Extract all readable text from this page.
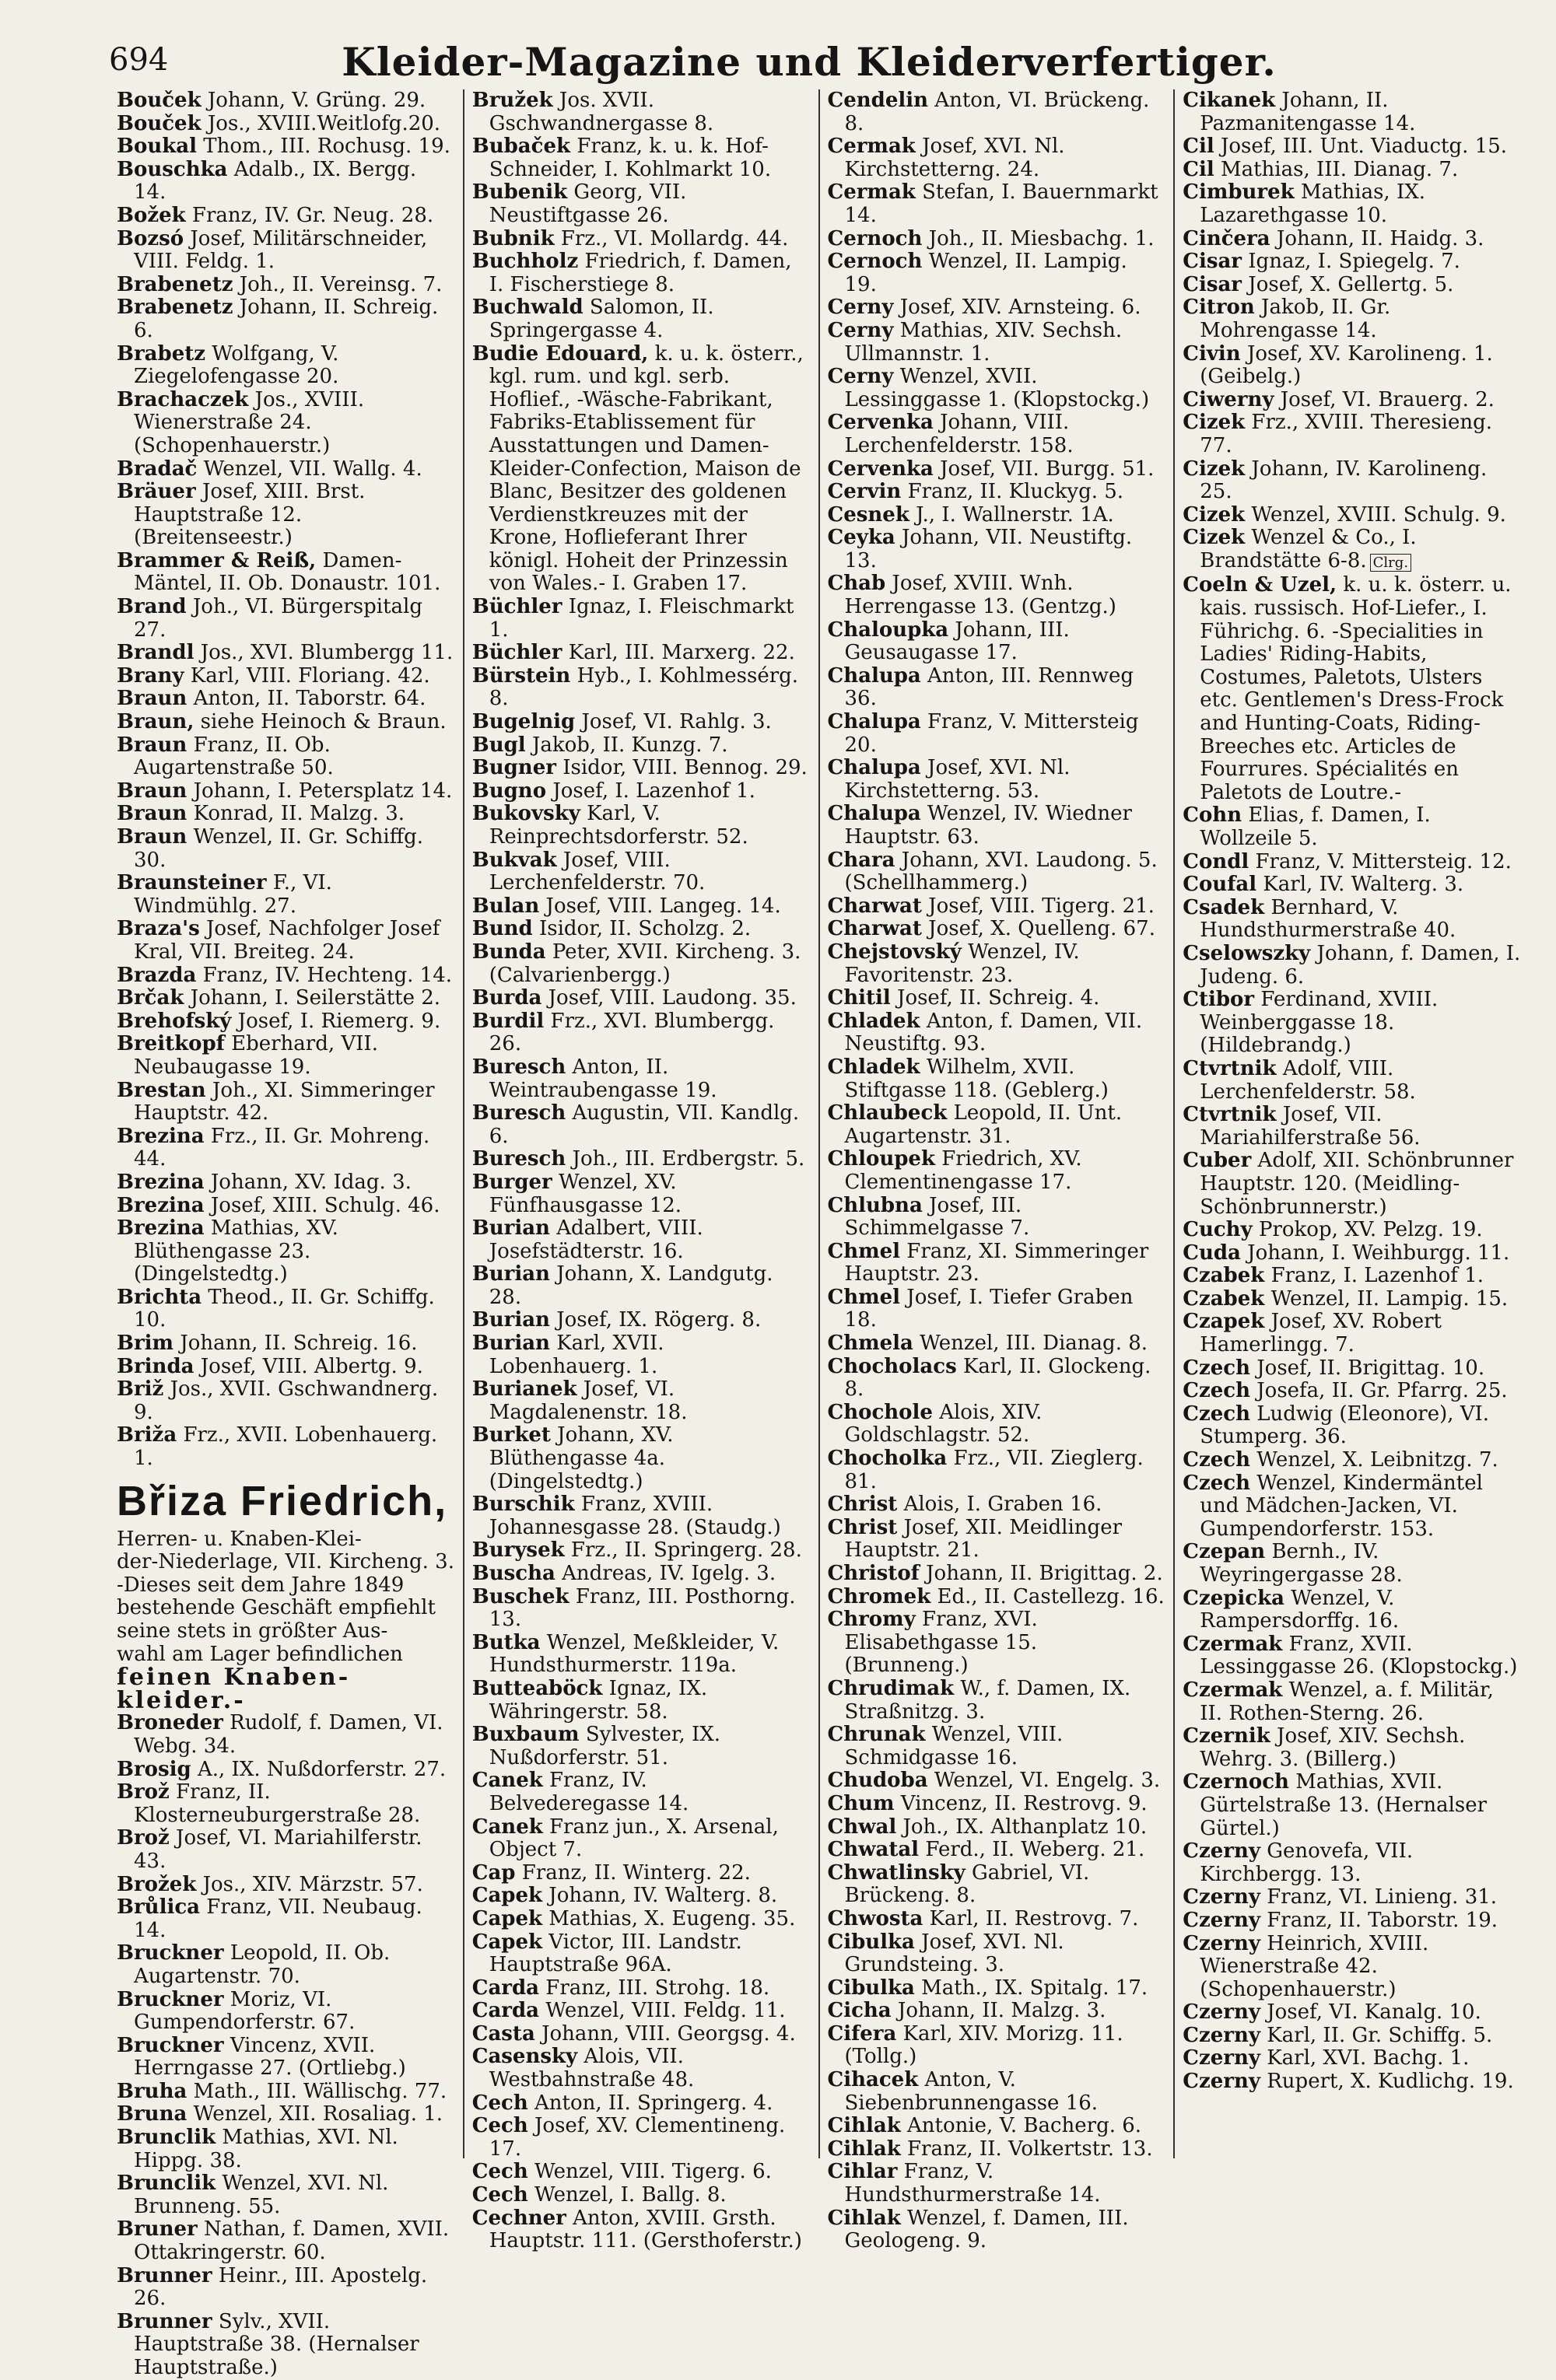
694	Kleider-Magazine und Kleiderverfertiger.

Bouček Johann, V. Grüng. 29.

Bouček Jos., XVIII.Weitlofg.20.

Boukal Thom., III. Rochusg. 19.

Bouschka Adalb., IX. Bergg. 14.

Božek Franz, IV. Gr. Neug. 28.

Bozsó Josef, Militärschneider, VIII. Feldg. 1.

Brabenetz Joh., II. Vereinsg. 7.

Brabenetz Johann, II. Schreig. 6.

Brabetz Wolfgang, V. Ziegelofengasse 20.

Brachaczek Jos., XVIII. Wienerstraße 24. (Schopenhauerstr.)

Bradač Wenzel, VII. Wallg. 4.

Bräuer Josef, XIII. Brst. Hauptstraße 12. (Breitenseestr.)

Brammer & Reiß, Damen-Mäntel, II. Ob. Donaustr. 101.

Brand Joh., VI. Bürgerspitalg 27.

Brandl Jos., XVI. Blumbergg 11.

Brany Karl, VIII. Floriang. 42.

Braun Anton, II. Taborstr. 64.

Braun, siehe Heinoch & Braun.

Braun Franz, II. Ob. Augartenstraße 50.

Braun Johann, I. Petersplatz 14.

Braun Konrad, II. Malzg. 3.

Braun Wenzel, II. Gr. Schiffg. 30.

Braunsteiner F., VI. Windmühlg. 27.

Braza's Josef, Nachfolger Josef Kral, VII. Breiteg. 24.

Brazda Franz, IV. Hechteng. 14.

Brčak Johann, I. Seilerstätte 2.

Brehofský Josef, I. Riemerg. 9.

Breitkopf Eberhard, VII. Neubaugasse 19.

Brestan Joh., XI. Simmeringer Hauptstr. 42.

Brezina Frz., II. Gr. Mohreng. 44.

Brezina Johann, XV. Idag. 3.

Brezina Josef, XIII. Schulg. 46.

Brezina Mathias, XV. Blüthengasse 23. (Dingelstedtg.)

Brichta Theod., II. Gr. Schiffg. 10.

Brim Johann, II. Schreig. 16.

Brinda Josef, VIII. Albertg. 9.

Briž Jos., XVII. Gschwandnerg. 9.

Briža Frz., XVII. Lobenhauerg. 1.

Břiza Friedrich,

Herren- u. Knaben-Klei-
der-Niederlage, VII. Kircheng. 3.
-Dieses seit dem Jahre 1849
bestehende Geschäft empfiehlt
seine stets in größter Aus-
wahl am Lager befindlichen
feinen Knaben-
kleider.-

Broneder Rudolf, f. Damen, VI. Webg. 34.

Brosig A., IX. Nußdorferstr. 27.

Brož Franz, II. Klosterneuburgerstraße 28.

Brož Josef, VI. Mariahilferstr. 43.

Brožek Jos., XIV. Märzstr. 57.

Brůlica Franz, VII. Neubaug. 14.

Bruckner Leopold, II. Ob. Augartenstr. 70.

Bruckner Moriz, VI. Gumpendorferstr. 67.

Bruckner Vincenz, XVII. Herrngasse 27. (Ortliebg.)

Bruha Math., III. Wällischg. 77.

Bruna Wenzel, XII. Rosaliag. 1.

Brunclik Mathias, XVI. Nl. Hippg. 38.

Brunclik Wenzel, XVI. Nl. Brunneng. 55.

Bruner Nathan, f. Damen, XVII. Ottakringerstr. 60.

Brunner Heinr., III. Apostelg. 26.

Brunner Sylv., XVII. Hauptstraße 38. (Hernalser Hauptstraße.)

Bružek Jos. XVII. Gschwandnergasse 8.

Bubaček Franz, k. u. k. Hof-Schneider, I. Kohlmarkt 10.

Bubenik Georg, VII. Neustiftgasse 26.

Bubnik Frz., VI. Mollardg. 44.

Buchholz Friedrich, f. Damen, I. Fischerstiege 8.

Buchwald Salomon, II. Springergasse 4.

Budie Edouard, k. u. k. österr., kgl. rum. und kgl. serb. Hoflief., -Wäsche-Fabrikant, Fabriks-Etablissement für Ausstattungen und Damen-Kleider-Confection, Maison de Blanc, Besitzer des goldenen Verdienstkreuzes mit der Krone, Hoflieferant Ihrer königl. Hoheit der Prinzessin von Wales.- I. Graben 17.

Büchler Ignaz, I. Fleischmarkt 1.

Büchler Karl, III. Marxerg. 22.

Bürstein Hyb., I. Kohlmessérg. 8.

Bugelnig Josef, VI. Rahlg. 3.

Bugl Jakob, II. Kunzg. 7.

Bugner Isidor, VIII. Bennog. 29.

Bugno Josef, I. Lazenhof 1.

Bukovsky Karl, V. Reinprechtsdorferstr. 52.

Bukvak Josef, VIII. Lerchenfelderstr. 70.

Bulan Josef, VIII. Langeg. 14.

Bund Isidor, II. Scholzg. 2.

Bunda Peter, XVII. Kircheng. 3. (Calvarienbergg.)

Burda Josef, VIII. Laudong. 35.

Burdil Frz., XVI. Blumbergg. 26.

Buresch Anton, II. Weintraubengasse 19.

Buresch Augustin, VII. Kandlg. 6.

Buresch Joh., III. Erdbergstr. 5.

Burger Wenzel, XV. Fünfhausgasse 12.

Burian Adalbert, VIII. Josefstädterstr. 16.

Burian Johann, X. Landgutg. 28.

Burian Josef, IX. Rögerg. 8.

Burian Karl, XVII. Lobenhauerg. 1.

Burianek Josef, VI. Magdalenenstr. 18.

Burket Johann, XV. Blüthengasse 4a. (Dingelstedtg.)

Burschik Franz, XVIII. Johannesgasse 28. (Staudg.)

Burysek Frz., II. Springerg. 28.

Buscha Andreas, IV. Igelg. 3.

Buschek Franz, III. Posthorng. 13.

Butka Wenzel, Meßkleider, V. Hundsthurmerstr. 119a.

Butteaböck Ignaz, IX. Währingerstr. 58.

Buxbaum Sylvester, IX. Nußdorferstr. 51.

Canek Franz, IV. Belvederegasse 14.

Canek Franz jun., X. Arsenal, Object 7.

Cap Franz, II. Winterg. 22.

Capek Johann, IV. Walterg. 8.

Capek Mathias, X. Eugeng. 35.

Capek Victor, III. Landstr. Hauptstraße 96A.

Carda Franz, III. Strohg. 18.

Carda Wenzel, VIII. Feldg. 11.

Casta Johann, VIII. Georgsg. 4.

Casensky Alois, VII. Westbahnstraße 48.

Cech Anton, II. Springerg. 4.

Cech Josef, XV. Clementineng. 17.

Cech Wenzel, VIII. Tigerg. 6.

Cech Wenzel, I. Ballg. 8.

Cechner Anton, XVIII. Grsth. Hauptstr. 111. (Gersthoferstr.)

Cendelin Anton, VI. Brückeng. 8.

Cermak Josef, XVI. Nl. Kirchstetterng. 24.

Cermak Stefan, I. Bauernmarkt 14.

Cernoch Joh., II. Miesbachg. 1.

Cernoch Wenzel, II. Lampig. 19.

Cerny Josef, XIV. Arnsteing. 6.

Cerny Mathias, XIV. Sechsh. Ullmannstr. 1.

Cerny Wenzel, XVII. Lessinggasse 1. (Klopstockg.)

Cervenka Johann, VIII. Lerchenfelderstr. 158.

Cervenka Josef, VII. Burgg. 51.

Cervin Franz, II. Kluckyg. 5.

Cesnek J., I. Wallnerstr. 1A.

Ceyka Johann, VII. Neustiftg. 13.

Chab Josef, XVIII. Wnh. Herrengasse 13. (Gentzg.)

Chaloupka Johann, III. Geusaugasse 17.

Chalupa Anton, III. Rennweg 36.

Chalupa Franz, V. Mittersteig 20.

Chalupa Josef, XVI. Nl. Kirchstetterng. 53.

Chalupa Wenzel, IV. Wiedner Hauptstr. 63.

Chara Johann, XVI. Laudong. 5. (Schellhammerg.)

Charwat Josef, VIII. Tigerg. 21.

Charwat Josef, X. Quelleng. 67.

Chejstovský Wenzel, IV. Favoritenstr. 23.

Chitil Josef, II. Schreig. 4.

Chladek Anton, f. Damen, VII. Neustiftg. 93.

Chladek Wilhelm, XVII. Stiftgasse 118. (Geblerg.)

Chlaubeck Leopold, II. Unt. Augartenstr. 31.

Chloupek Friedrich, XV. Clementinengasse 17.

Chlubna Josef, III. Schimmelgasse 7.

Chmel Franz, XI. Simmeringer Hauptstr. 23.

Chmel Josef, I. Tiefer Graben 18.

Chmela Wenzel, III. Dianag. 8.

Chocholacs Karl, II. Glockeng. 8.

Chochole Alois, XIV. Goldschlagstr. 52.

Chocholka Frz., VII. Zieglerg. 81.

Christ Alois, I. Graben 16.

Christ Josef, XII. Meidlinger Hauptstr. 21.

Christof Johann, II. Brigittag. 2.

Chromek Ed., II. Castellezg. 16.

Chromy Franz, XVI. Elisabethgasse 15. (Brunneng.)

Chrudimak W., f. Damen, IX. Straßnitzg. 3.

Chrunak Wenzel, VIII. Schmidgasse 16.

Chudoba Wenzel, VI. Engelg. 3.

Chum Vincenz, II. Restrovg. 9.

Chwal Joh., IX. Althanplatz 10.

Chwatal Ferd., II. Weberg. 21.

Chwatlinsky Gabriel, VI. Brückeng. 8.

Chwosta Karl, II. Restrovg. 7.

Cibulka Josef, XVI. Nl. Grundsteing. 3.

Cibulka Math., IX. Spitalg. 17.

Cicha Johann, II. Malzg. 3.

Cifera Karl, XIV. Morizg. 11. (Tollg.)

Cihacek Anton, V. Siebenbrunnengasse 16.

Cihlak Antonie, V. Bacherg. 6.

Cihlak Franz, II. Volkertstr. 13.

Cihlar Franz, V. Hundsthurmerstraße 14.

Cihlak Wenzel, f. Damen, III. Geologeng. 9.

Cikanek Johann, II. Pazmanitengasse 14.

Cil Josef, III. Unt. Viaductg. 15.

Cil Mathias, III. Dianag. 7.

Cimburek Mathias, IX. Lazarethgasse 10.

Cinčera Johann, II. Haidg. 3.

Cisar Ignaz, I. Spiegelg. 7.

Cisar Josef, X. Gellertg. 5.

Citron Jakob, II. Gr. Mohrengasse 14.

Civin Josef, XV. Karolineng. 1. (Geibelg.)

Ciwerny Josef, VI. Brauerg. 2.

Cizek Frz., XVIII. Theresieng. 77.

Cizek Johann, IV. Karolineng. 25.

Cizek Wenzel, XVIII. Schulg. 9.

Cizek Wenzel & Co., I. Brandstätte 6-8. Clrg.

Coeln & Uzel, k. u. k. österr. u. kais. russisch. Hof-Liefer., I. Führichg. 6. -Specialities in Ladies' Riding-Habits, Costumes, Paletots, Ulsters etc. Gentlemen's Dress-Frock and Hunting-Coats, Riding-Breeches etc. Articles de Fourrures. Spécialités en Paletots de Loutre.-

Cohn Elias, f. Damen, I. Wollzeile 5.

Condl Franz, V. Mittersteig. 12.

Coufal Karl, IV. Walterg. 3.

Csadek Bernhard, V. Hundsthurmerstraße 40.

Cselowszky Johann, f. Damen, I. Judeng. 6.

Ctibor Ferdinand, XVIII. Weinberggasse 18. (Hildebrandg.)

Ctvrtnik Adolf, VIII. Lerchenfelderstr. 58.

Ctvrtnik Josef, VII. Mariahilferstraße 56.

Cuber Adolf, XII. Schönbrunner Hauptstr. 120. (Meidling-Schönbrunnerstr.)

Cuchy Prokop, XV. Pelzg. 19.

Cuda Johann, I. Weihburgg. 11.

Czabek Franz, I. Lazenhof 1.

Czabek Wenzel, II. Lampig. 15.

Czapek Josef, XV. Robert Hamerlingg. 7.

Czech Josef, II. Brigittag. 10.

Czech Josefa, II. Gr. Pfarrg. 25.

Czech Ludwig (Eleonore), VI. Stumperg. 36.

Czech Wenzel, X. Leibnitzg. 7.

Czech Wenzel, Kindermäntel und Mädchen-Jacken, VI. Gumpendorferstr. 153.

Czepan Bernh., IV. Weyringergasse 28.

Czepicka Wenzel, V. Rampersdorffg. 16.

Czermak Franz, XVII. Lessinggasse 26. (Klopstockg.)

Czermak Wenzel, a. f. Militär, II. Rothen-Sterng. 26.

Czernik Josef, XIV. Sechsh. Wehrg. 3. (Billerg.)

Czernoch Mathias, XVII. Gürtelstraße 13. (Hernalser Gürtel.)

Czerny Genovefa, VII. Kirchbergg. 13.

Czerny Franz, VI. Linieng. 31.

Czerny Franz, II. Taborstr. 19.

Czerny Heinrich, XVIII. Wienerstraße 42. (Schopenhauerstr.)

Czerny Josef, VI. Kanalg. 10.

Czerny Karl, II. Gr. Schiffg. 5.

Czerny Karl, XVI. Bachg. 1.

Czerny Rupert, X. Kudlichg. 19.
